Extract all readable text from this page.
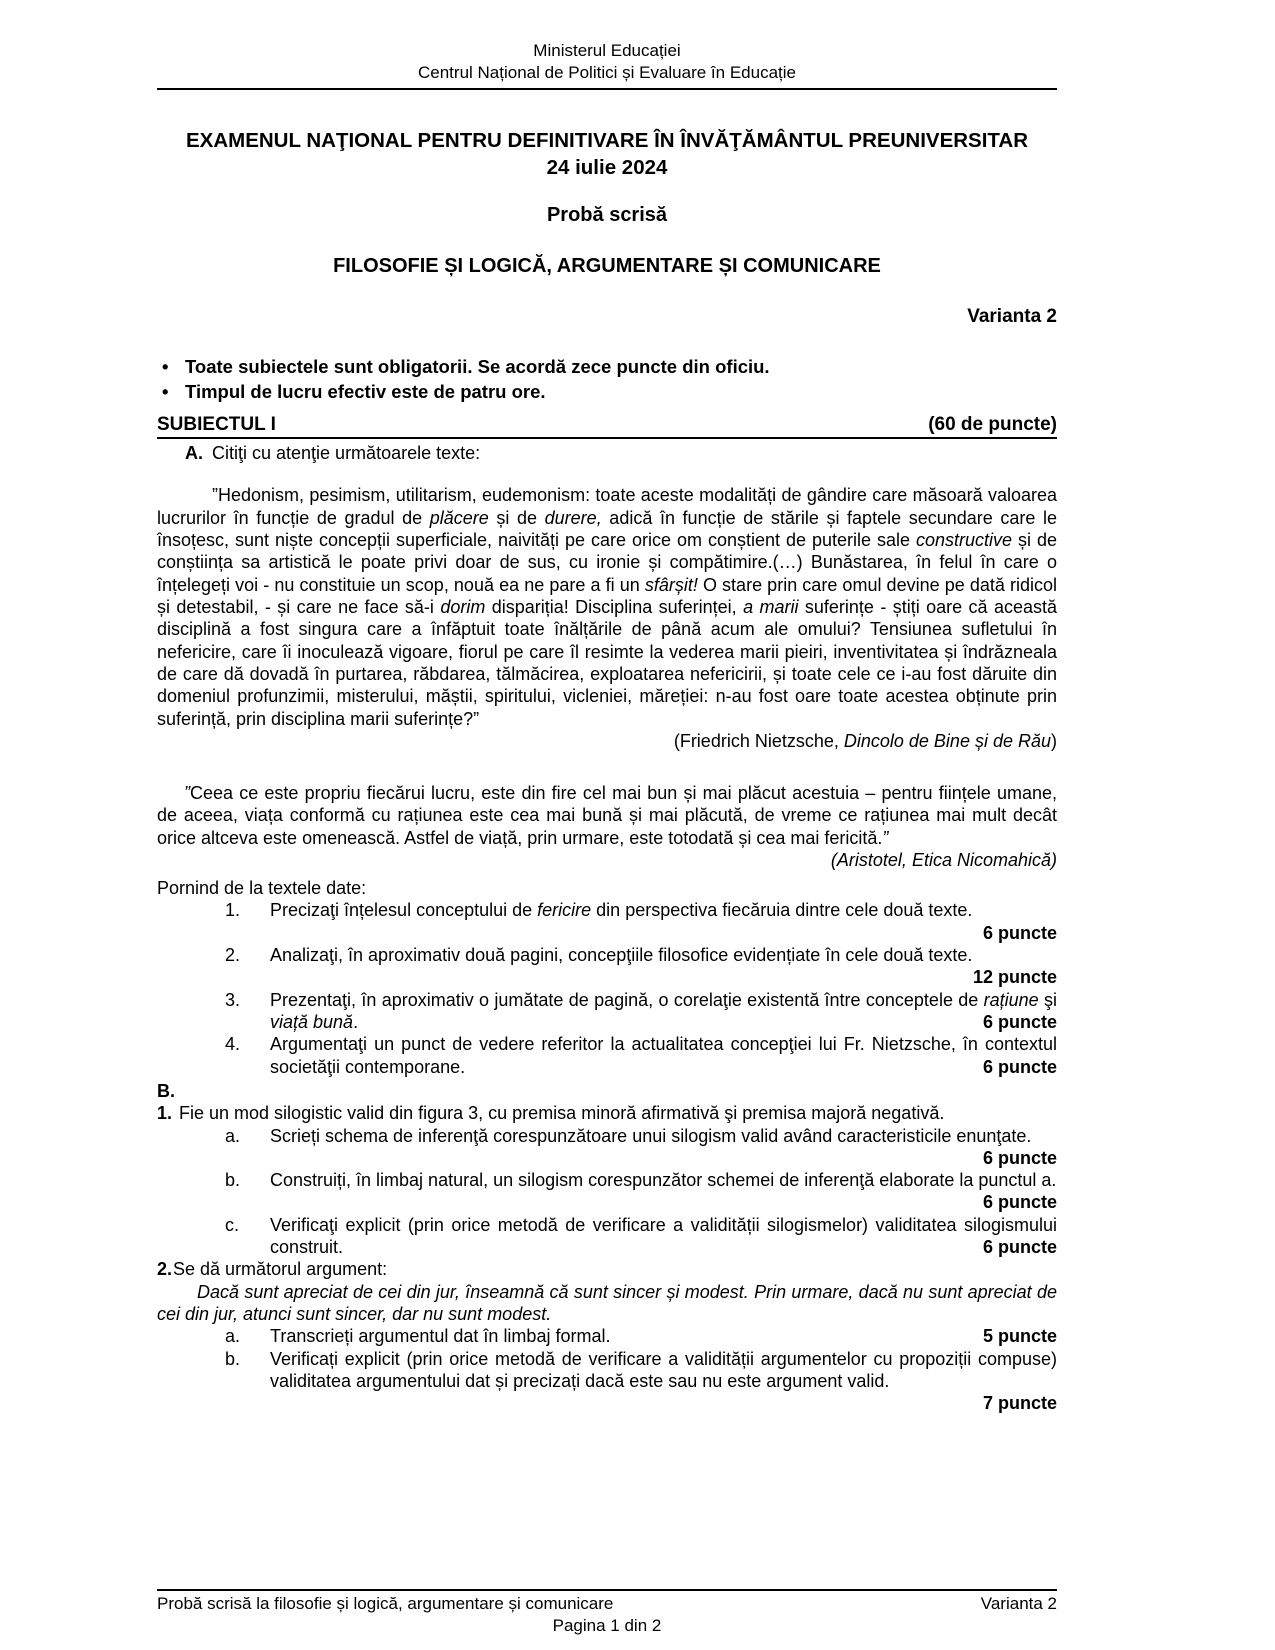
Ministerul Educației
Centrul Național de Politici și Evaluare în Educație
EXAMENUL NAŢIONAL PENTRU DEFINITIVARE ÎN ÎNVĂŢĂMÂNTUL PREUNIVERSITAR
24 iulie 2024
Probă scrisă
FILOSOFIE ȘI LOGICĂ, ARGUMENTARE ȘI COMUNICARE
Varianta 2
• Toate subiectele sunt obligatorii. Se acordă zece puncte din oficiu.
• Timpul de lucru efectiv este de patru ore.
SUBIECTUL I	(60 de puncte)
A. Citiţi cu atenţie următoarele texte:

”Hedonism, pesimism, utilitarism, eudemonism: toate aceste modalități de gândire care măsoară valoarea lucrurilor în funcție de gradul de plăcere și de durere, adică în funcție de stările și faptele secundare care le însoțesc, sunt niște concepții superficiale, naivități pe care orice om conștient de puterile sale constructive și de conștiința sa artistică le poate privi doar de sus, cu ironie și compătimire.(…) Bunăstarea, în felul în care o înțelegeți voi - nu constituie un scop, nouă ea ne pare a fi un sfârșit! O stare prin care omul devine pe dată ridicol și detestabil, - și care ne face să-i dorim dispariția! Disciplina suferinței, a marii suferințe - știți oare că această disciplină a fost singura care a înfăptuit toate înălțările de până acum ale omului? Tensiunea sufletului în nefericire, care îi inoculează vigoare, fiorul pe care îl resimte la vederea marii pieiri, inventivitatea și îndrăzneala de care dă dovadă în purtarea, răbdarea, tălmăcirea, exploatarea nefericirii, și toate cele ce i-au fost dăruite din domeniul profunzimii, misterului, măștii, spiritului, vicleniei, măreției: n-au fost oare toate acestea obținute prin suferință, prin disciplina marii suferințe?”

(Friedrich Nietzsche, Dincolo de Bine și de Rău)

”Ceea ce este propriu fiecărui lucru, este din fire cel mai bun și mai plăcut acestuia – pentru ființele umane, de aceea, viața conformă cu rațiunea este cea mai bună și mai plăcută, de vreme ce rațiunea mai mult decât orice altceva este omenească. Astfel de viață, prin urmare, este totodată și cea mai fericită.”
(Aristotel, Etica Nicomahică)

Pornind de la textele date:
1.	Precizaţi înțelesul conceptului de fericire din perspectiva fiecăruia dintre cele două texte.
6 puncte
2.	Analizaţi, în aproximativ două pagini, concepţiile filosofice evidențiate în cele două texte.
12 puncte
3.	Prezentaţi, în aproximativ o jumătate de pagină, o corelaţie existentă între conceptele de rațiune şi viață bună.	6 puncte
4.	Argumentaţi un punct de vedere referitor la actualitatea concepţiei lui Fr. Nietzsche, în contextul societăţii contemporane.	6 puncte
B.
1. Fie un mod silogistic valid din figura 3, cu premisa minoră afirmativă şi premisa majoră negativă.
a.	Scrieți schema de inferenţă corespunzătoare unui silogism valid având caracteristicile enunţate.
6 puncte
b.	Construiți, în limbaj natural, un silogism corespunzător schemei de inferenţă elaborate la punctul a.
6 puncte
c.	Verificaţi explicit (prin orice metodă de verificare a validității silogismelor) validitatea silogismului construit.	6 puncte
2.Se dă următorul argument:

Dacă sunt apreciat de cei din jur, înseamnă că sunt sincer și modest. Prin urmare, dacă nu sunt apreciat de cei din jur, atunci sunt sincer, dar nu sunt modest.

a.	Transcrieți argumentul dat în limbaj formal.	5 puncte
b.	Verificați explicit (prin orice metodă de verificare a validității argumentelor cu propoziții compuse) validitatea argumentului dat și precizați dacă este sau nu este argument valid.
7 puncte
Probă scrisă la filosofie și logică, argumentare și comunicare	Varianta 2
Pagina 1 din 2
